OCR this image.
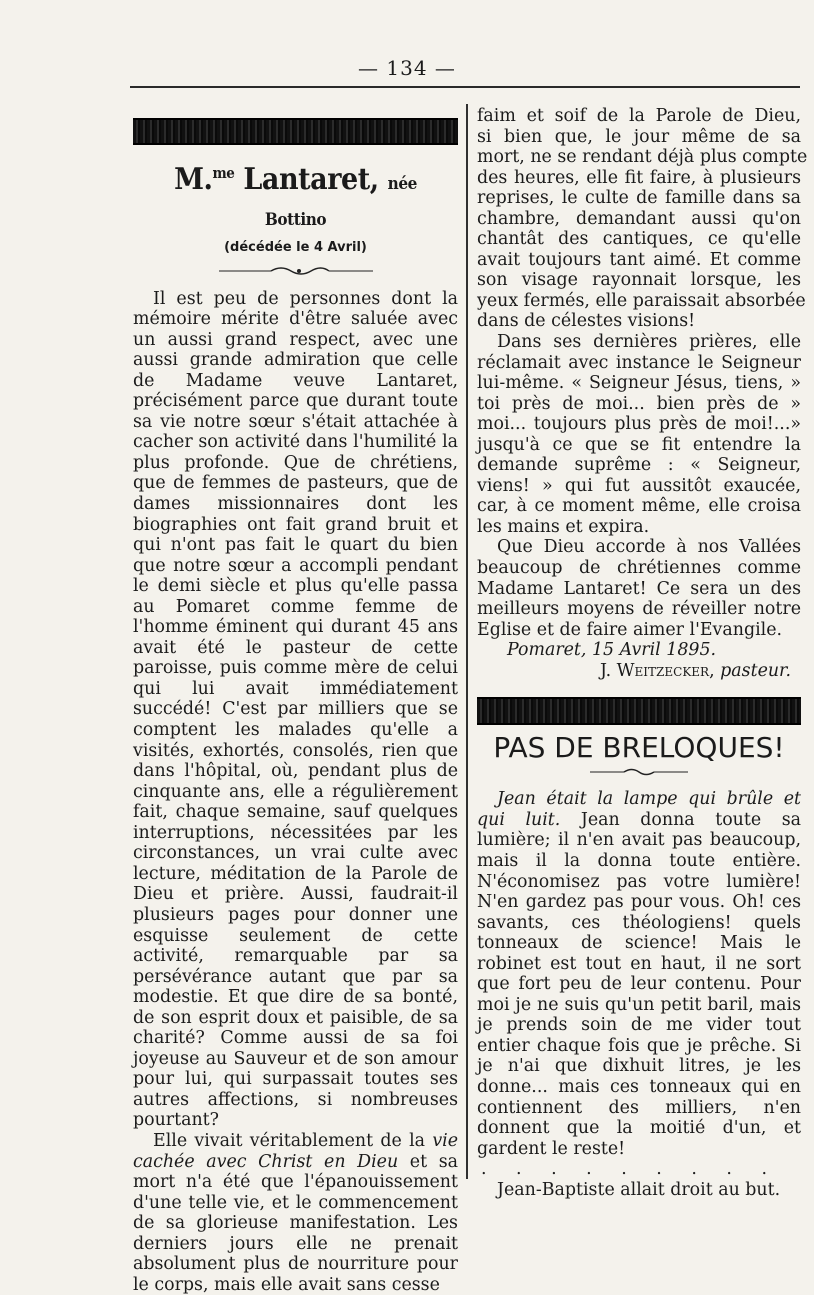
— 134 —
M.$^{me}$ Lantaret, née Bottino
(décédée le 4 Avril)

Il est peu de personnes dont la mémoire mérite d'être saluée avec un aussi grand respect, avec une aussi grande admiration que celle de Madame veuve Lantaret, précisément parce que durant toute sa vie notre sœur s'était attachée à cacher son activité dans l'humilité la plus profonde. Que de chrétiens, que de femmes de pasteurs, que de dames missionnaires dont les biographies ont fait grand bruit et qui n'ont pas fait le quart du bien que notre sœur a accompli pendant le demi siècle et plus qu'elle passa au Pomaret comme femme de l'homme éminent qui durant 45 ans avait été le pasteur de cette paroisse, puis comme mère de celui qui lui avait immédiatement succédé! C'est par milliers que se comptent les malades qu'elle a visités, exhortés, consolés, rien que dans l'hôpital, où, pendant plus de cinquante ans, elle a régulièrement fait, chaque semaine, sauf quelques interruptions, nécessitées par les circonstances, un vrai culte avec lecture, méditation de la Parole de Dieu et prière. Aussi, faudrait-il plusieurs pages pour donner une esquisse seulement de cette activité, remarquable par sa persévérance autant que par sa modestie. Et que dire de sa bonté, de son esprit doux et paisible, de sa charité? Comme aussi de sa foi joyeuse au Sauveur et de son amour pour lui, qui surpassait toutes ses autres affections, si nombreuses pourtant?

Elle vivait véritablement de la vie cachée avec Christ en Dieu et sa mort n'a été que l'épanouissement d'une telle vie, et le commencement de sa glorieuse manifestation. Les derniers jours elle ne prenait absolument plus de nourriture pour le corps, mais elle avait sans cesse

faim et soif de la Parole de Dieu,
si bien que, le jour même de sa
mort, ne se rendant déjà plus compte
des heures, elle fit faire, à plusieurs
reprises, le culte de famille dans sa
chambre, demandant aussi qu'on
chantât des cantiques, ce qu'elle
avait toujours tant aimé. Et comme
son visage rayonnait lorsque, les
yeux fermés, elle paraissait absorbée
dans de célestes visions!

Dans ses dernières prières, elle réclamait avec instance le Seigneur lui-même. « Seigneur Jésus, tiens, » toi près de moi... bien près de » moi... toujours plus près de moi!...» jusqu'à ce que se fit entendre la demande suprême : « Seigneur, viens! » qui fut aussitôt exaucée, car, à ce moment même, elle croisa les mains et expira.

Que Dieu accorde à nos Vallées beaucoup de chrétiennes comme Madame Lantaret! Ce sera un des meilleurs moyens de réveiller notre Eglise et de faire aimer l'Evangile.

Pomaret, 15 Avril 1895.

J. Weitzecker, pasteur.

PAS DE BRELOQUES!

Jean était la lampe qui brûle et qui luit. Jean donna toute sa lumière; il n'en avait pas beaucoup, mais il la donna toute entière. N'économisez pas votre lumière! N'en gardez pas pour vous. Oh! ces savants, ces théologiens! quels tonneaux de science! Mais le robinet est tout en haut, il ne sort que fort peu de leur contenu. Pour moi je ne suis qu'un petit baril, mais je prends soin de me vider tout entier chaque fois que je prêche. Si je n'ai que dixhuit litres, je les donne... mais ces tonneaux qui en contiennent des milliers, n'en donnent que la moitié d'un, et gardent le reste!

. . . . . . . . .

Jean-Baptiste allait droit au but.
